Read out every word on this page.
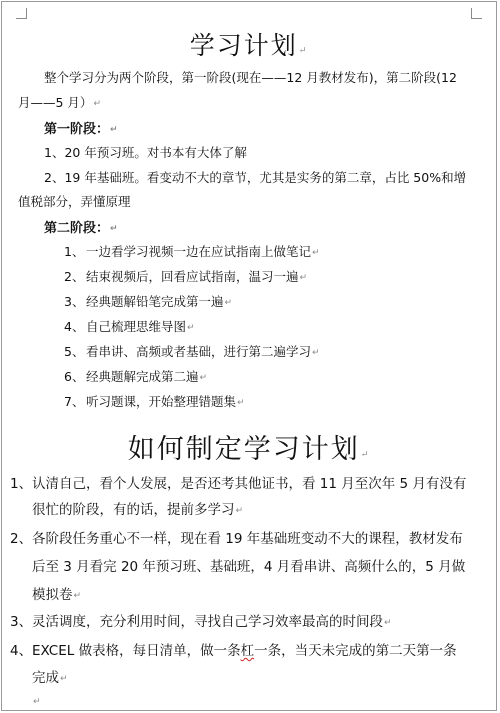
学习计划↵
整个学习分为两个阶段，第一阶段(现在——12 月教材发布)，第二阶段(12
月——5 月）↵
第一阶段：↵
1、20 年预习班。对书本有大体了解
2、19 年基础班。看变动不大的章节，尤其是实务的第二章，占比 50%和增
值税部分，弄懂原理
第二阶段：↵
1、 一边看学习视频一边在应试指南上做笔记↵
2、 结束视频后，回看应试指南，温习一遍↵
3、 经典题解铅笔完成第一遍↵
4、 自己梳理思维导图↵
5、 看串讲、高频或者基础，进行第二遍学习↵
6、 经典题解完成第二遍↵
7、 听习题课，开始整理错题集↵
如何制定学习计划↵
1、认清自己，看个人发展，是否还考其他证书，看 11 月至次年 5 月有没有
很忙的阶段，有的话，提前多学习↵
2、各阶段任务重心不一样，现在看 19 年基础班变动不大的课程，教材发布
后至 3 月看完 20 年预习班、基础班，4 月看串讲、高频什么的，5 月做
模拟卷↵
3、灵活调度，充分利用时间，寻找自己学习效率最高的时间段↵
4、EXCEL 做表格，每日清单，做一条杠一条，当天未完成的第二天第一条
完成↵
↵
